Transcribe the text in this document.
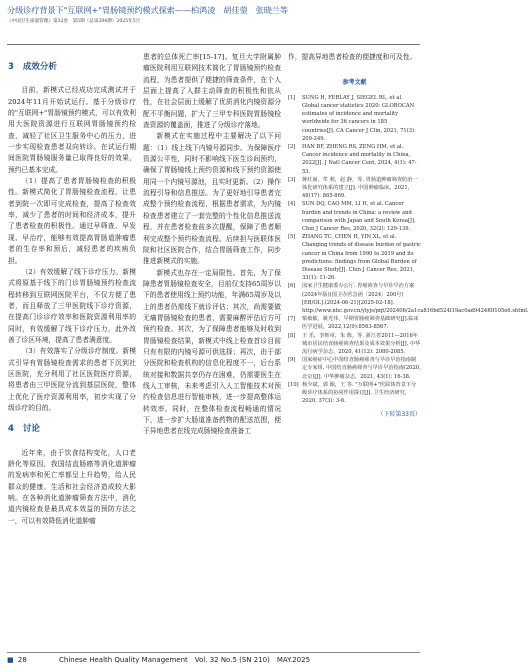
分级诊疗背景下"互联网+"胃肠镜预约模式探索——柏鸿凌　胡佳蓥　张晓兰等
《中国卫生质量管理》第32卷　第5期（总第204期）2025年5月
3 成效分析

目前，新模式已经成功完成测试并于2024年11月开始试运行。基于分级诊疗的"互联网+"胃肠镜预约模式，可以有效利用大医院资源进行互联网胃肠镜预约检查，减轻了社区卫生服务中心的压力，进一步实现检查患者双向转诊。在试运行期间医院胃肠镜服务量已取得良好的效果，预约已基本完成。

（1）提高了患者胃肠镜检查的积极性。新模式简化了胃肠镜检查流程，让患者到院一次即可完成检查，提高了检查效率，减少了患者的时间和经济成本，提升了患者检查的积极性。通过早筛查、早发现、早治疗，能够有效提高胃肠道肿瘤患者的生存率和预后，减轻患者的疾病负担。

（2）有效缓解了线下诊疗压力。新模式将原基于线下的门诊胃肠镜预约检查流程转移到互联网医院平台，不仅方便了患者，而且释放了三甲医院线下诊疗资源，在提高门诊诊疗效率和医院资源利用率的同时，有效缓解了线下诊疗压力，此外改善了诊区环境，提高了患者满意度。

（3）有效落实了分级诊疗制度。新模式引导有胃肠镜检查需求的患者下沉到社区医院，充分利用了社区医院医疗资源，将患者由三甲医院分流到基层医院，整体上优化了医疗资源利用率，初步实现了分级诊疗的目的。

4 讨论

近年来，由于饮食结构变化，人口老龄化等原因，我国结直肠癌等消化道肿瘤的发病率和死亡率都呈上升趋势，给人民群众的健康、生活和社会经济造成较大影响。在各种消化道肿瘤筛查方法中，消化道内镜检查是最具成本效益的预防方法之一，可以有效降低消化道肿瘤

患者的总体死亡率[15-17]。复旦大学附属肿瘤医院利用互联网技术简化了胃肠镜预约检查流程，为患者提供了便捷的筛查条件，在个人层面上提高了人群主动筛查的积极性和依从性，在社会层面上缓解了优质消化内镜资源分配不平衡问题，扩大了三甲专科医院胃肠镜检查资源的覆盖面，推进了分级诊疗落地。

新模式在实施过程中主要解决了以下问题：（1）线上线下内镜号源同步。为保障医疗资源公平性，同时不影响线下医生诊间预约，确保了胃肠镜线上预约资源和线下预约资源使用同一个内镜号源池，且实时更新。（2）操作流程引导和信息推送。为了更好地引导患者完成整个预约检查流程，根据患者需求，为内镜检查患者建立了一套完整的个性化信息推送流程，并在患者检查前多次提醒，保障了患者顺利完成整个预约检查流程。后续担与医联体医院和社区医院合作，结合胃肠筛查工作，同步推进新模式的实施。

新模式也存在一定局限性。首先，为了保障患者胃肠镜检查安全，目前仅支持65周岁以下的患者使用线上预约功能，年满65周岁及以上的患者仍需线下就诊评估；其次，尚需要做无痛胃肠镜检查的患者，需要麻醉评估后方可预约检查。其次，为了保障患者能够及时收到胃肠镜检查结果，新模式中线上检查首诊目前只有有限的内镜号源可供选择；再次，由于部分医院和检查机构的信息化程度不一，后台系统对接和数据共享仍存在困难，仍需要医生在线人工审核，未来考虑引入人工智能技术对预约检查信息进行智能审核，进一步提高整体运转效率。同时，在整体检查流程畅通的情况下，进一步扩大肠道准备药物的配送范围，便于异地患者在线完成肠镜检查准备工

作，提高异地患者检查的便捷度和可及性。

参考文献

[1] SUNG H, FERLAY J, SIEGEL RL, et al. Global cancer statistics 2020: GLOBOCAN estimates of incidence and mortality worldwide for 36 cancers in 185 countries[J]. CA Cancer J Clin, 2021, 71(3): 209-249.

[2] HAN BF, ZHENG RS, ZENG HM, et al. Cancer incidence and mortality in China, 2022[J]. J Natl Cancer Cent, 2024, 4(1): 47-53.

[3] 蒋红丽，牟 莉，赵 静，等. 胃肠道肿瘤筛查防治一体化研究体系的建立[J]. 中国肿瘤临床，2021, 48(17): 865-869.

[4] SUN DQ, CAO MM, LI H, et al. Cancer burden and trends in China: a review and comparison with Japan and South Korea[J]. Chin J Cancer Res, 2020, 32(2): 129-139.

[5] ZHANG TC, CHEN H, YIN XL, et al. Changing trends of disease burden of gastric cancer in China from 1990 to 2019 and its predictions: findings from Global Burden of Disease Study[J]. Chin J Cancer Res, 2021, 33(1): 11-26.

[6] 国家卫生健康委办公厅. 胃癌筛查与早诊早治方案(2024年版)(国卫办医急函〔2024〕200号)[EB/OL].(2024-06-21)[2025-02-18]. http://www.nhc.gov.cn/ylyjs/pqt/202406/2a1ca816bd524f19ac0ad9424f0f105e6.shtml.

[7] 柴敏敏，姚光伟，早期胃肠癌筛查基础研究[J].临床医学进展，2022,12(9):8563-8567.

[8] 王 乐，李辉章，朱 陈，等. 浙江省2011—2016年城市居民结直肠癌筛查结果及成本效果分析[J]. 中华流行病学杂志，2020, 41(12): 2080-2085.

[9] 国家癌症中心中国结直肠癌筛查与早诊早治指南制定专家组. 中国结直肠癌筛查与早诊早治指南(2020,北京)[J]. 中华肿瘤杂志，2021, 43(1): 16-38.

[10] 杨少斌，郭 颖，王 等. "互联网+"医联体背景下分级诊疗体系的协同作用探讨[J]. 卫生经济研究，2020, 37(3): 3-6.

（下转第33页）
■ 28	Chinese Health Quality Management　Vol. 32 No.5 (SN 210)　MAY.2025
